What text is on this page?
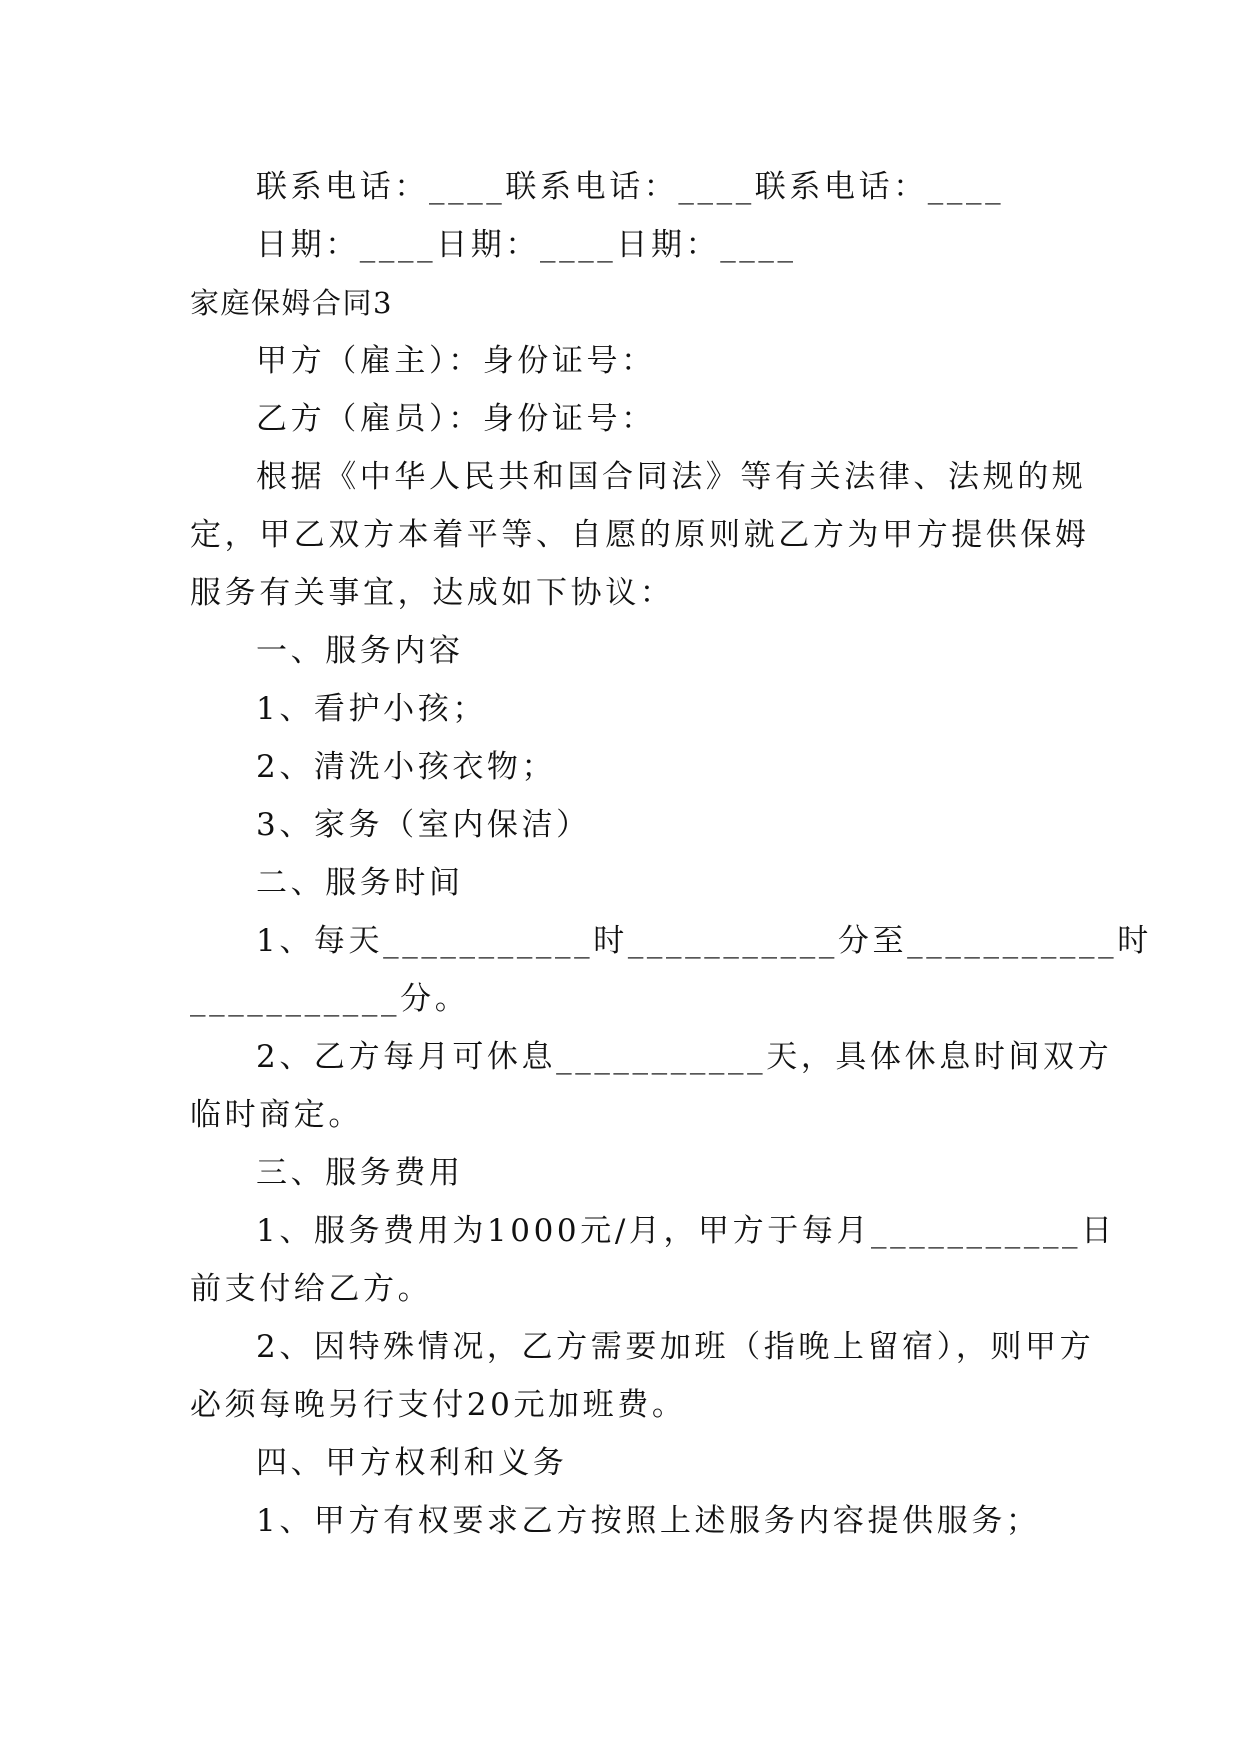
联系电话：____联系电话：____联系电话：____
日期：____日期：____日期：____
家庭保姆合同3
甲方（雇主）：身份证号：
乙方（雇员）：身份证号：
根据《中华人民共和国合同法》等有关法律、法规的规
定，甲乙双方本着平等、自愿的原则就乙方为甲方提供保姆
服务有关事宜，达成如下协议：
一、服务内容
1、看护小孩；
2、清洗小孩衣物；
3、家务（室内保洁）
二、服务时间
1、每天___________时___________分至___________时
___________分。
2、乙方每月可休息___________天，具体休息时间双方
临时商定。
三、服务费用
1、服务费用为1000元/月，甲方于每月___________日
前支付给乙方。
2、因特殊情况，乙方需要加班（指晚上留宿），则甲方
必须每晚另行支付20元加班费。
四、甲方权利和义务
1、甲方有权要求乙方按照上述服务内容提供服务；
